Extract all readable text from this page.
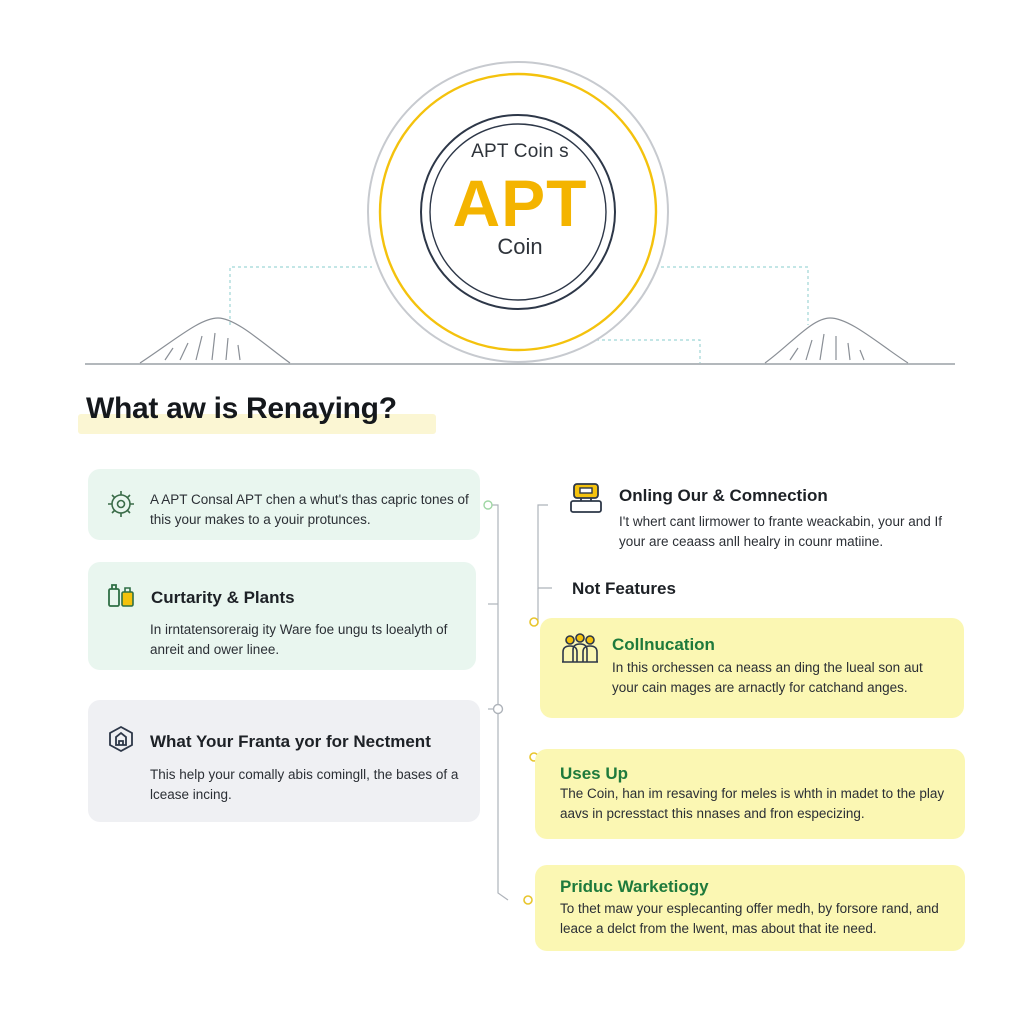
APT Coin s
APT
Coin
What aw is Renaying?
A APT Consal APT chen a whut's thas capric tones of this your makes to a youir protunces.
Curtarity & Plants
In irntatensoreraig ity Ware foe ungu ts loealyth of anreit and ower linee.
What Your Franta yor for Nectment
This help your comally abis comingll, the bases of a lcease incing.
Onling Our & Comnection
I't whert cant lirmower to frante weackabin, your and If your are ceaass anll healry in counr matiine.
Not Features
Collnucation
In this orchessen ca neass an ding the lueal son aut your cain mages are arnactly for catchand anges.
Uses Up
The Coin, han im resaving for meles is whth in madet to the play aavs in pcresstact this nnases and fron especizing.
Priduc Warketiogy
To thet maw your esplecanting offer medh, by forsore rand, and leace a delct from the lwent, mas about that ite need.
